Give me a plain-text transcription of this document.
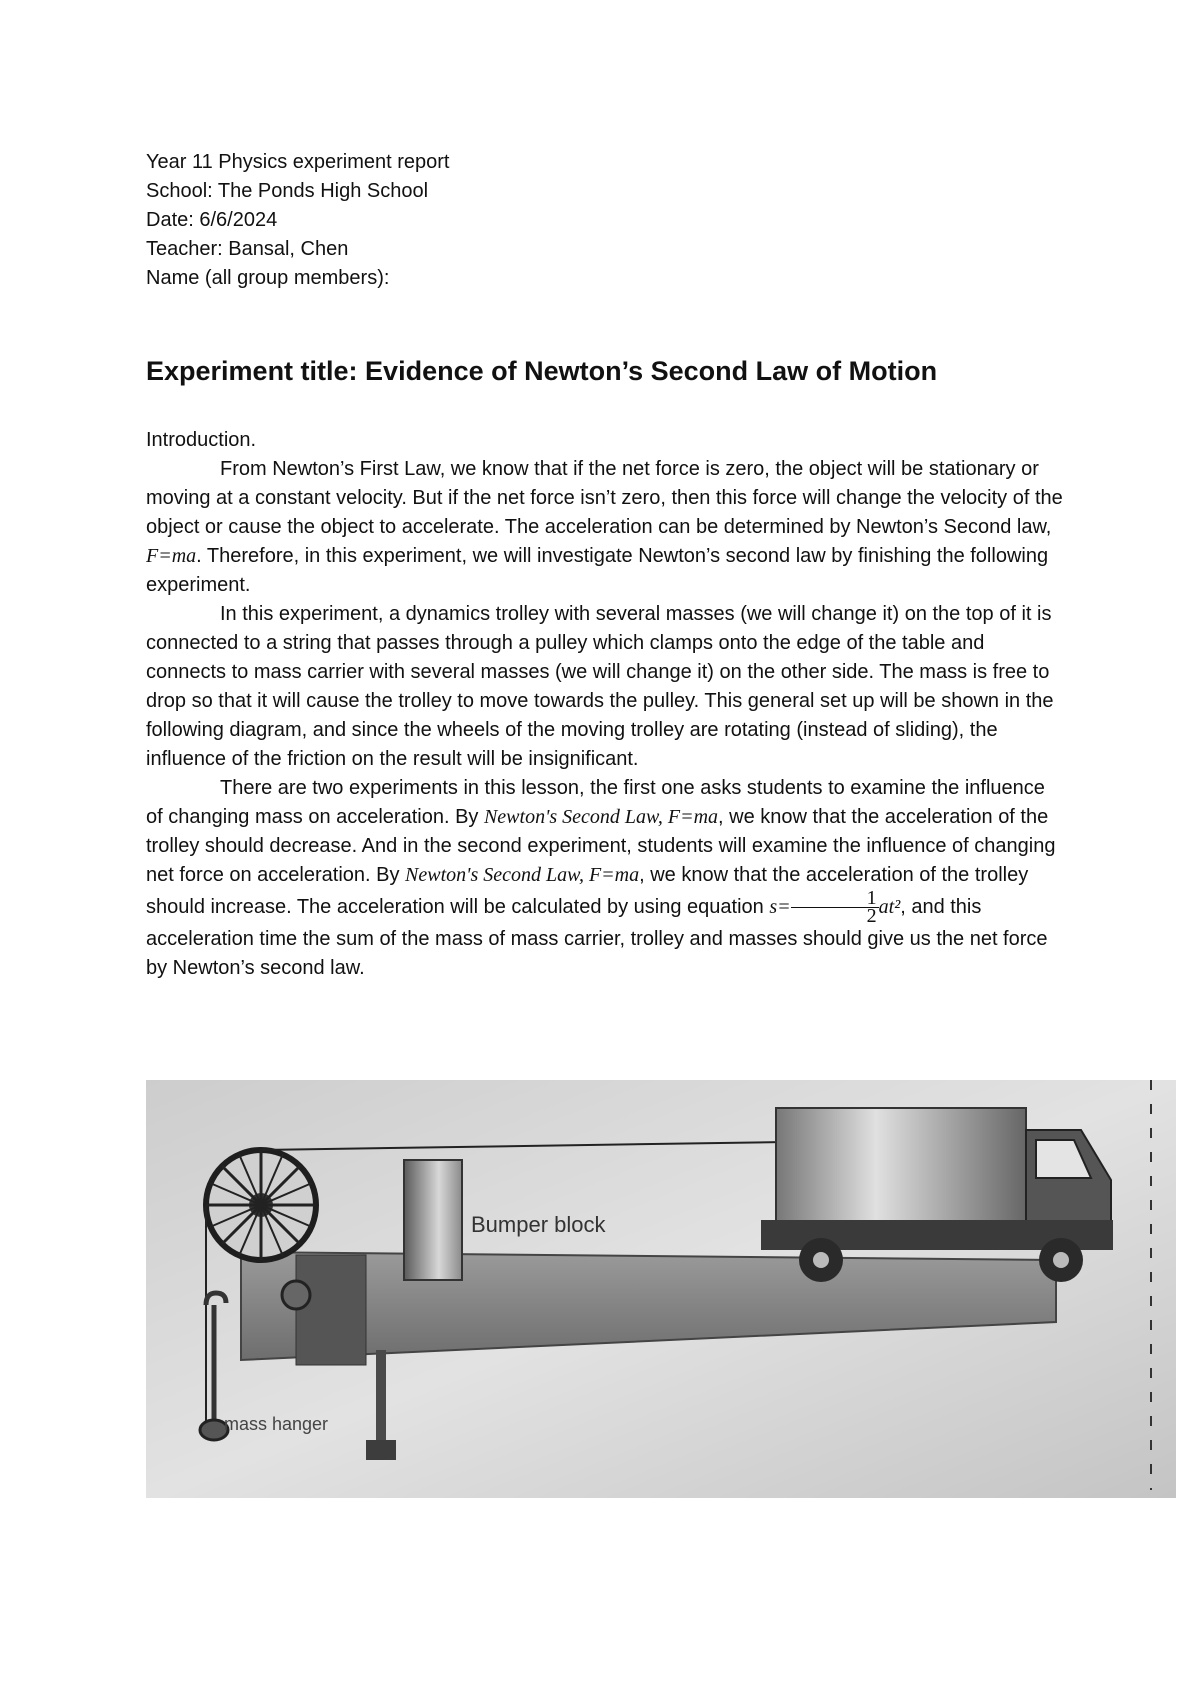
Year 11 Physics experiment report
School: The Ponds High School
Date: 6/6/2024
Teacher: Bansal, Chen
Name (all group members):
Experiment title: Evidence of Newton’s Second Law of Motion

Introduction.

From Newton’s First Law, we know that if the net force is zero, the object will be stationary or moving at a constant velocity. But if the net force isn’t zero, then this force will change the velocity of the object or cause the object to accelerate. The acceleration can be determined by Newton’s Second law, F=ma. Therefore, in this experiment, we will investigate Newton’s second law by finishing the following experiment.

In this experiment, a dynamics trolley with several masses (we will change it) on the top of it is connected to a string that passes through a pulley which clamps onto the edge of the table and connects to mass carrier with several masses (we will change it) on the other side. The mass is free to drop so that it will cause the trolley to move towards the pulley. This general set up will be shown in the following diagram, and since the wheels of the moving trolley are rotating (instead of sliding), the influence of the friction on the result will be insignificant.

There are two experiments in this lesson, the first one asks students to examine the influence of changing mass on acceleration. By Newton's Second Law, F=ma, we know that the acceleration of the trolley should decrease. And in the second experiment, students will examine the influence of changing net force on acceleration. By Newton's Second Law, F=ma, we know that the acceleration of the trolley should increase. The acceleration will be calculated by using equation $s= \frac{1}{2} at^2$, and this acceleration time the sum of the mass of mass carrier, trolley and masses should give us the net force by Newton’s second law.

Bumper block
mass hanger
